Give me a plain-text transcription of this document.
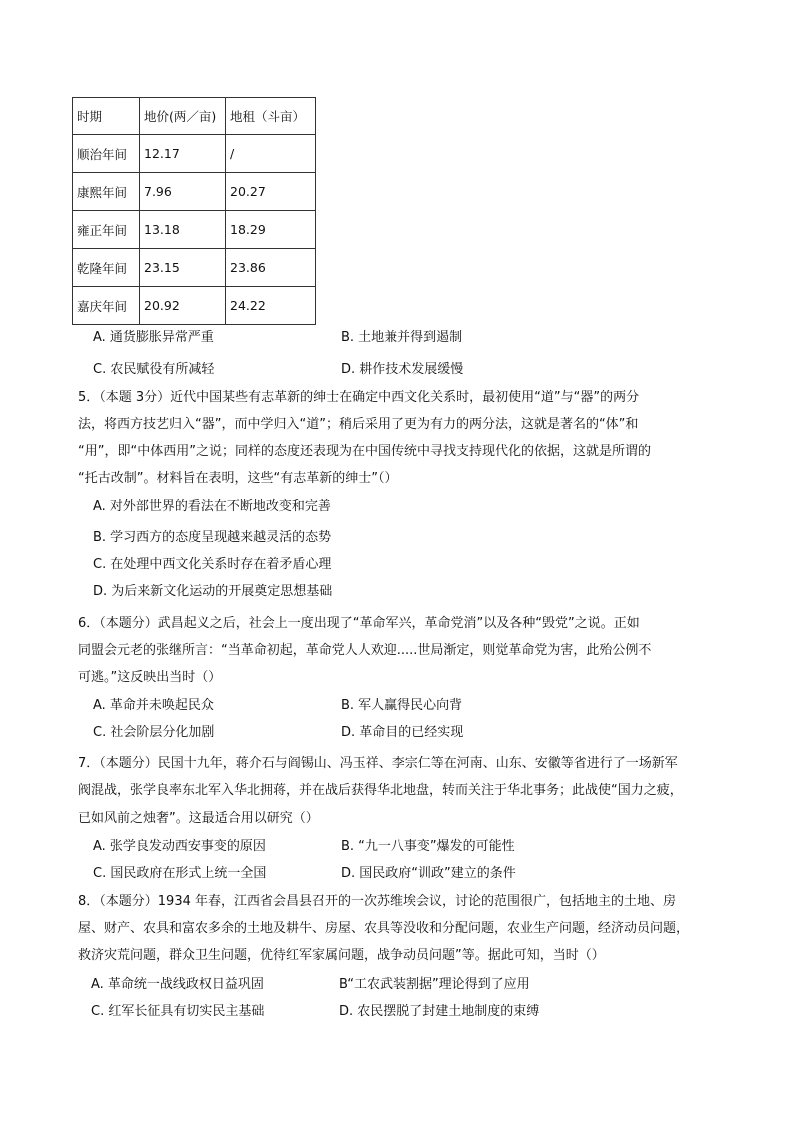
时期	地价(两／亩)	地租（斗亩）
顺治年间	12.17	/
康熙年间	7.96	20.27
雍正年间	13.18	18.29
乾隆年间	23.15	23.86
嘉庆年间	20.92	24.22
A. 通货膨胀异常严重	B. 土地兼并得到遏制
C. 农民赋役有所减轻	D. 耕作技术发展缓慢
5．（本题 3分）近代中国某些有志革新的绅士在确定中西文化关系时，最初使用“道”与“器”的两分
法，将西方技艺归入“器”，而中学归入“道”；稍后采用了更为有力的两分法，这就是著名的“体”和
“用”，即“中体西用”之说；同样的态度还表现为在中国传统中寻找支持现代化的依据，这就是所谓的
“托古改制”。材料旨在表明，这些“有志革新的绅士”（）
A. 对外部世界的看法在不断地改变和完善
B. 学习西方的态度呈现越来越灵活的态势
C. 在处理中西文化关系时存在着矛盾心理
D. 为后来新文化运动的开展奠定思想基础
6．（本题分）武昌起义之后，社会上一度出现了“革命军兴，革命党消”以及各种“毁党”之说。正如
同盟会元老的张继所言：“当革命初起，革命党人人欢迎.....世局渐定，则觉革命党为害，此殆公例不
可逃。”这反映出当时（）
A. 革命并未唤起民众	B. 军人赢得民心向背
C. 社会阶层分化加剧	D. 革命目的已经实现
7．（本题分）民国十九年，蒋介石与阎锡山、冯玉祥、李宗仁等在河南、山东、安徽等省进行了一场新军
阀混战，张学良率东北军入华北拥蒋，并在战后获得华北地盘，转而关注于华北事务；此战使“国力之疲，
已如风前之烛奢”。这最适合用以研究（）
A. 张学良发动西安事变的原因	B. “九一八事变”爆发的可能性
C. 国民政府在形式上统一全国	D. 国民政府“训政”建立的条件
8．（本题分）1934 年春，江西省会昌县召开的一次苏维埃会议，讨论的范围很广，包括地主的土地、房
屋、财产、农具和富农多余的土地及耕牛、房屋、农具等没收和分配问题，农业生产问题，经济动员问题，
救济灾荒问题，群众卫生问题，优待红军家属问题，战争动员问题”等。据此可知，当时（）
A. 革命统一战线政权日益巩固	B“工农武装割据”理论得到了应用
C. 红军长征具有切实民主基础	D. 农民摆脱了封建土地制度的束缚
